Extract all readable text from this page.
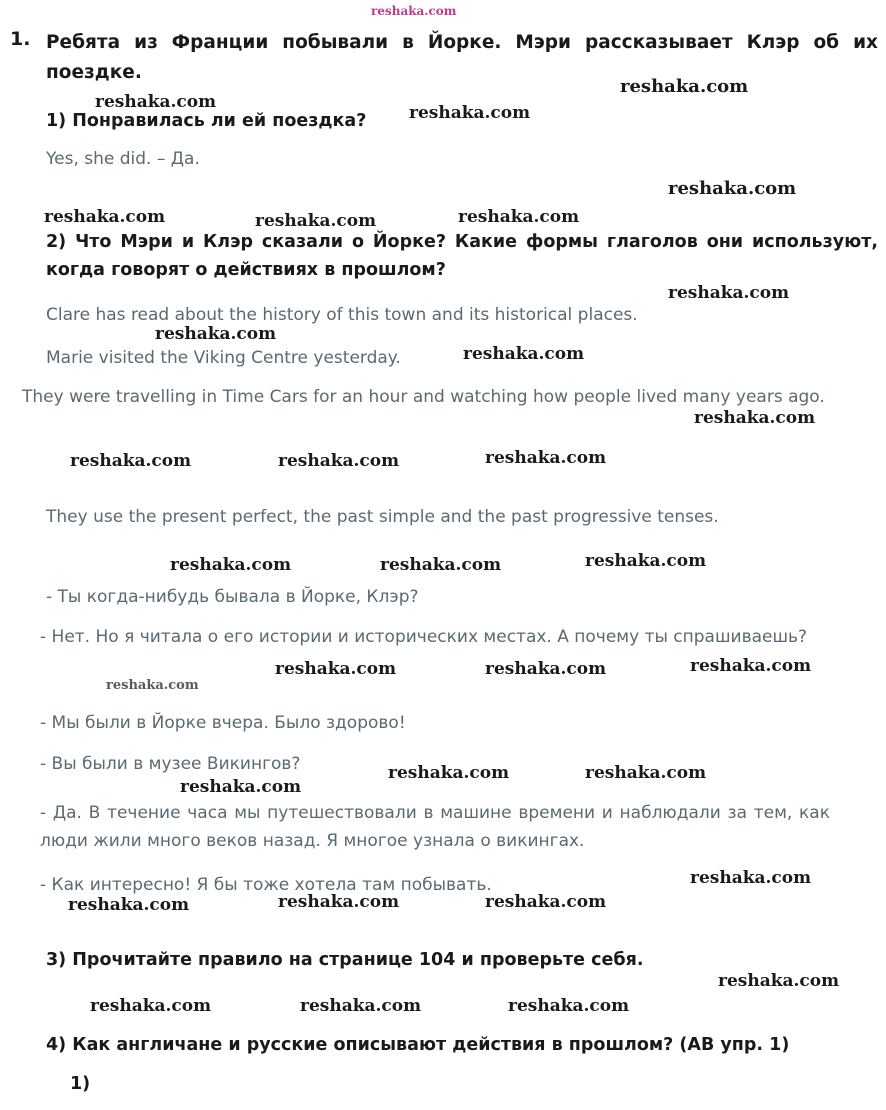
1. Ребята из Франции побывали в Йорке. Мэри рассказывает Клэр об их поездке.
1) Понравилась ли ей поездка?
Yes, she did. – Да.
2) Что Мэри и Клэр сказали о Йорке? Какие формы глаголов они используют, когда говорят о действиях в прошлом?
Clare has read about the history of this town and its historical places.
Marie visited the Viking Centre yesterday.
They were travelling in Time Cars for an hour and watching how people lived many years ago.
They use the present perfect, the past simple and the past progressive tenses.
- Ты когда-нибудь бывала в Йорке, Клэр?
- Нет. Но я читала о его истории и исторических местах. А почему ты спрашиваешь?
- Мы были в Йорке вчера. Было здорово!
- Вы были в музее Викингов?
- Да. В течение часа мы путешествовали в машине времени и наблюдали за тем, как люди жили много веков назад. Я многое узнала о викингах.
- Как интересно! Я бы тоже хотела там побывать.
3) Прочитайте правило на странице 104 и проверьте себя.
4) Как англичане и русские описывают действия в прошлом? (АВ упр. 1)
1)
reshaka.com
reshaka.com
reshaka.com
reshaka.com
reshaka.com
reshaka.com	reshaka.com	reshaka.com
reshaka.com
reshaka.com
reshaka.com
reshaka.com
reshaka.com	reshaka.com	reshaka.com
reshaka.com	reshaka.com	reshaka.com
reshaka.com	reshaka.com	reshaka.com
reshaka.com
reshaka.com
reshaka.com	reshaka.com
reshaka.com
reshaka.com	reshaka.com	reshaka.com
reshaka.com
reshaka.com	reshaka.com	reshaka.com
